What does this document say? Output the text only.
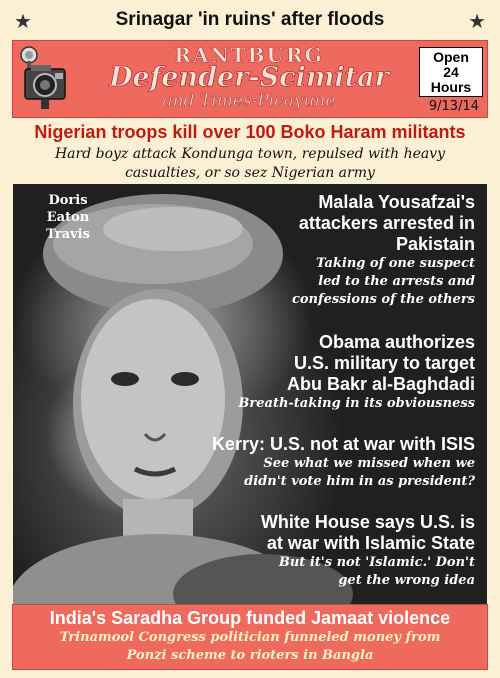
★	Srinagar 'in ruins' after floods	★
RANTBURG
Defender-Scimitar
and Times-Picayune
Open
24
Hours
9/13/14
Nigerian troops kill over 100 Boko Haram militants
Hard boyz attack Kondunga town, repulsed with heavy casualties, or so sez Nigerian army
Doris
Eaton
Travis
Malala Yousafzai's
attackers arrested in
Pakistain
Taking of one suspect
led to the arrests and
confessions of the others
Obama authorizes
U.S. military to target
Abu Bakr al-Baghdadi
Breath-taking in its obviousness
Kerry: U.S. not at war with ISIS
See what we missed when we
didn't vote him in as president?
White House says U.S. is
at war with Islamic State
But it's not 'Islamic.' Don't
get the wrong idea
India's Saradha Group funded Jamaat violence
Trinamool Congress politician funneled money from
Ponzi scheme to rioters in Bangla
